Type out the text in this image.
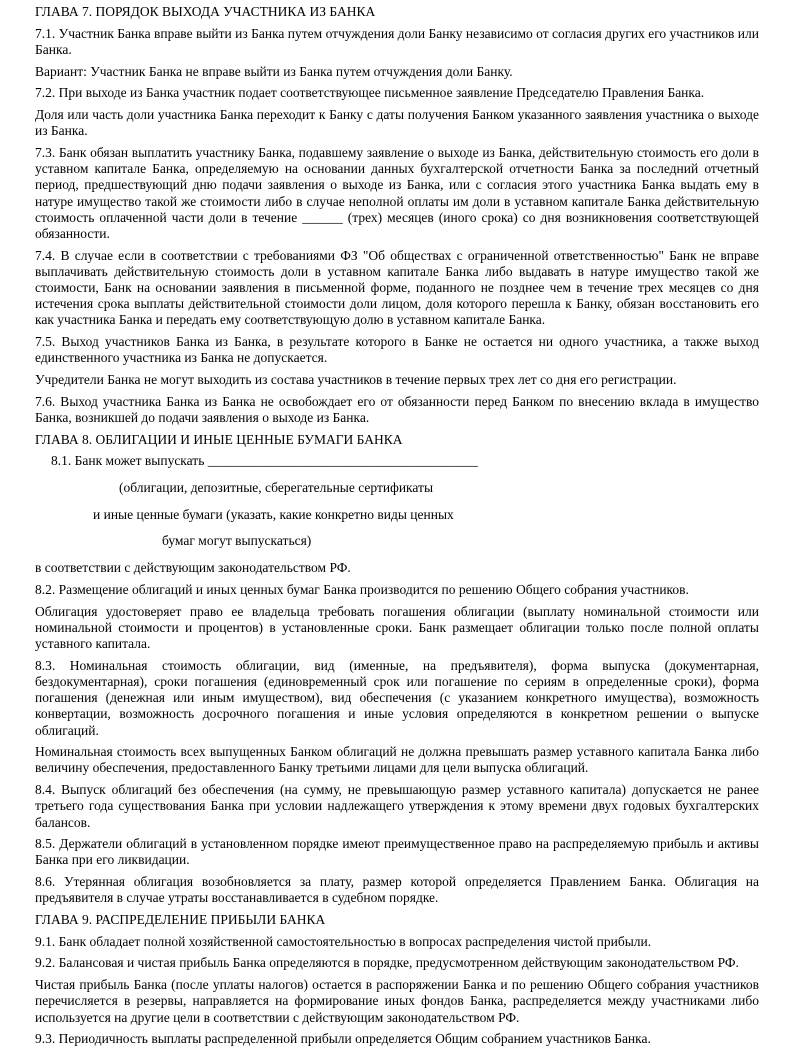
ГЛАВА 7. ПОРЯДОК ВЫХОДА УЧАСТНИКА ИЗ БАНКА

7.1. Участник Банка вправе выйти из Банка путем отчуждения доли Банку независимо от согласия других его участников или Банка.

Вариант: Участник Банка не вправе выйти из Банка путем отчуждения доли Банку.

7.2. При выходе из Банка участник подает соответствующее письменное заявление Председателю Правления Банка.

Доля или часть доли участника Банка переходит к Банку с даты получения Банком указанного заявления участника о выходе из Банка.

7.3. Банк обязан выплатить участнику Банка, подавшему заявление о выходе из Банка, действительную стоимость его доли в уставном капитале Банка, определяемую на основании данных бухгалтерской отчетности Банка за последний отчетный период, предшествующий дню подачи заявления о выходе из Банка, или с согласия этого участника Банка выдать ему в натуре имущество такой же стоимости либо в случае неполной оплаты им доли в уставном капитале Банка действительную стоимость оплаченной части доли в течение ______ (трех) месяцев (иного срока) со дня возникновения соответствующей обязанности.

7.4. В случае если в соответствии с требованиями ФЗ "Об обществах с ограниченной ответственностью" Банк не вправе выплачивать действительную стоимость доли в уставном капитале Банка либо выдавать в натуре имущество такой же стоимости, Банк на основании заявления в письменной форме, поданного не позднее чем в течение трех месяцев со дня истечения срока выплаты действительной стоимости доли лицом, доля которого перешла к Банку, обязан восстановить его как участника Банка и передать ему соответствующую долю в уставном капитале Банка.

7.5. Выход участников Банка из Банка, в результате которого в Банке не остается ни одного участника, а также выход единственного участника из Банка не допускается.

Учредители Банка не могут выходить из состава участников в течение первых трех лет со дня его регистрации.

7.6. Выход участника Банка из Банка не освобождает его от обязанности перед Банком по внесению вклада в имущество Банка, возникшей до подачи заявления о выходе из Банка.

ГЛАВА 8. ОБЛИГАЦИИ И ИНЫЕ ЦЕННЫЕ БУМАГИ БАНКА

8.1. Банк может выпускать ________________________________________

(облигации, депозитные, сберегательные сертификаты

и иные ценные бумаги (указать, какие конкретно виды ценных

бумаг могут выпускаться)

в соответствии с действующим законодательством РФ.

8.2. Размещение облигаций и иных ценных бумаг Банка производится по решению Общего собрания участников.

Облигация удостоверяет право ее владельца требовать погашения облигации (выплату номинальной стоимости или номинальной стоимости и процентов) в установленные сроки. Банк размещает облигации только после полной оплаты уставного капитала.

8.3. Номинальная стоимость облигации, вид (именные, на предъявителя), форма выпуска (документарная, бездокументарная), сроки погашения (единовременный срок или погашение по сериям в определенные сроки), форма погашения (денежная или иным имуществом), вид обеспечения (с указанием конкретного имущества), возможность конвертации, возможность досрочного погашения и иные условия определяются в конкретном решении о выпуске облигаций.

Номинальная стоимость всех выпущенных Банком облигаций не должна превышать размер уставного капитала Банка либо величину обеспечения, предоставленного Банку третьими лицами для цели выпуска облигаций.

8.4. Выпуск облигаций без обеспечения (на сумму, не превышающую размер уставного капитала) допускается не ранее третьего года существования Банка при условии надлежащего утверждения к этому времени двух годовых бухгалтерских балансов.

8.5. Держатели облигаций в установленном порядке имеют преимущественное право на распределяемую прибыль и активы Банка при его ликвидации.

8.6. Утерянная облигация возобновляется за плату, размер которой определяется Правлением Банка. Облигация на предъявителя в случае утраты восстанавливается в судебном порядке.

ГЛАВА 9. РАСПРЕДЕЛЕНИЕ ПРИБЫЛИ БАНКА

9.1. Банк обладает полной хозяйственной самостоятельностью в вопросах распределения чистой прибыли.

9.2. Балансовая и чистая прибыль Банка определяются в порядке, предусмотренном действующим законодательством РФ.

Чистая прибыль Банка (после уплаты налогов) остается в распоряжении Банка и по решению Общего собрания участников перечисляется в резервы, направляется на формирование иных фондов Банка, распределяется между участниками либо используется на другие цели в соответствии с действующим законодательством РФ.

9.3. Периодичность выплаты распределенной прибыли определяется Общим собранием участников Банка.
